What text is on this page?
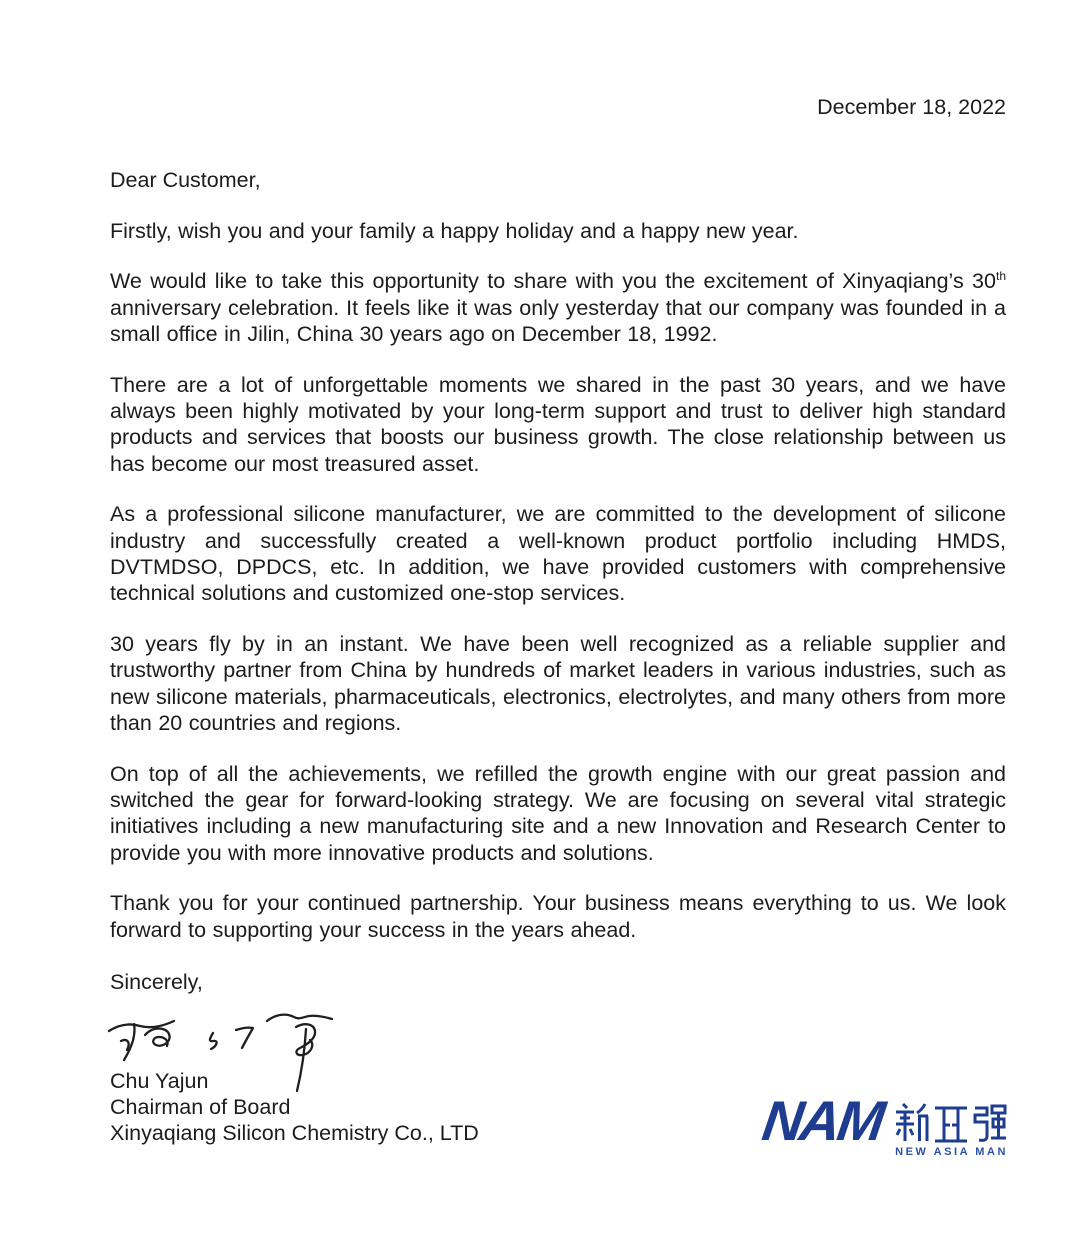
December 18, 2022
Dear Customer,

Firstly, wish you and your family a happy holiday and a happy new year.

We would like to take this opportunity to share with you the excitement of Xinyaqiang’s 30th anniversary celebration. It feels like it was only yesterday that our company was founded in a small office in Jilin, China 30 years ago on December 18, 1992.

There are a lot of unforgettable moments we shared in the past 30 years, and we have always been highly motivated by your long-term support and trust to deliver high standard products and services that boosts our business growth. The close relationship between us has become our most treasured asset.

As a professional silicone manufacturer, we are committed to the development of silicone industry and successfully created a well-known product portfolio including HMDS, DVTMDSO, DPDCS, etc. In addition, we have provided customers with comprehensive technical solutions and customized one-stop services.

30 years fly by in an instant. We have been well recognized as a reliable supplier and trustworthy partner from China by hundreds of market leaders in various industries, such as new silicone materials, pharmaceuticals, electronics, electrolytes, and many others from more than 20 countries and regions.

On top of all the achievements, we refilled the growth engine with our great passion and switched the gear for forward-looking strategy. We are focusing on several vital strategic initiatives including a new manufacturing site and a new Innovation and Research Center to provide you with more innovative products and solutions.

Thank you for your continued partnership. Your business means everything to us. We look forward to supporting your success in the years ahead.

Sincerely,
Chu Yajun
Chairman of Board
Xinyaqiang Silicon Chemistry Co., LTD	NAM NEW ASIA MAN
